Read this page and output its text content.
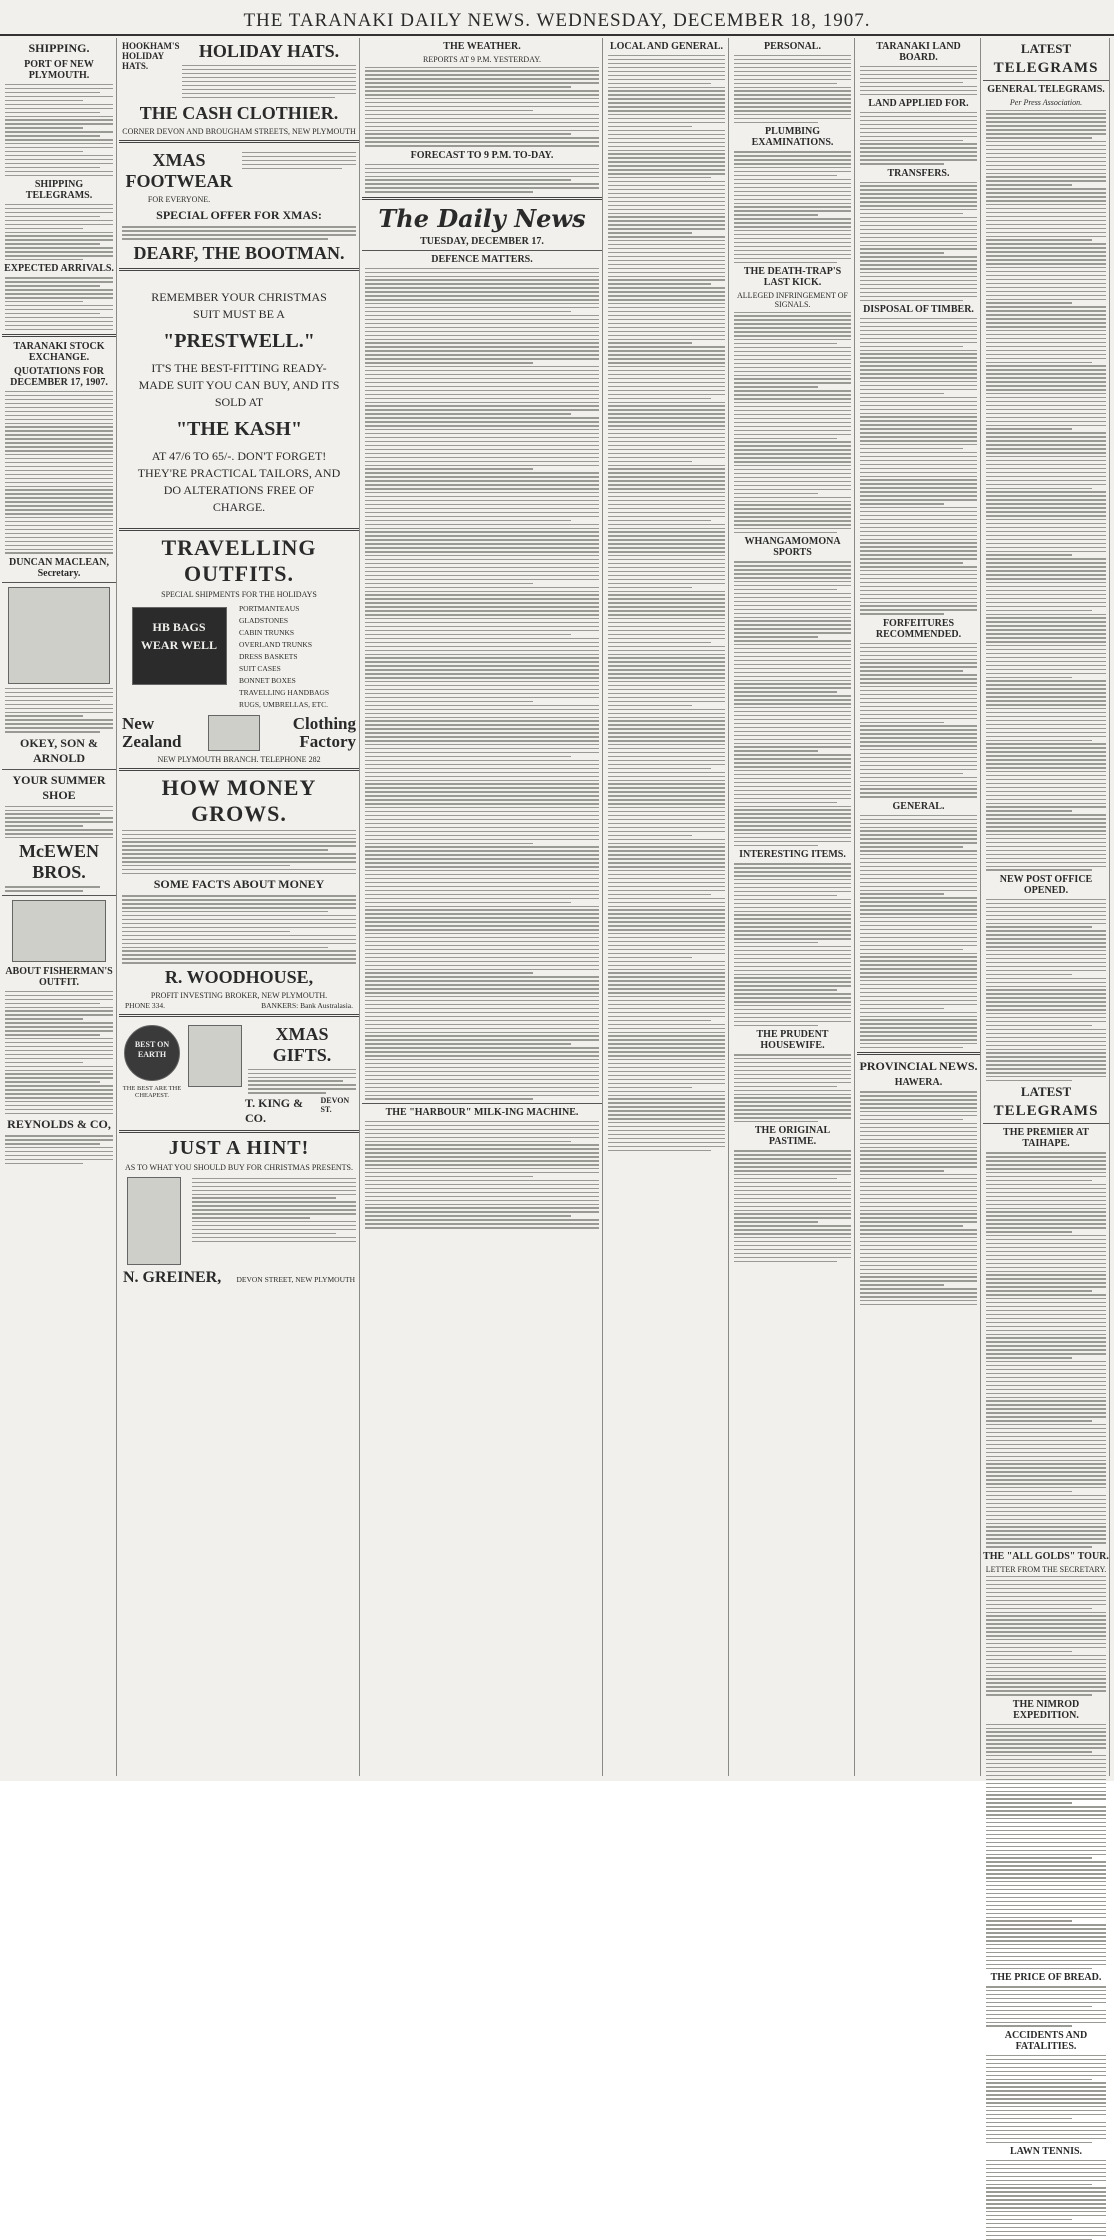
THE TARANAKI DAILY NEWS. WEDNESDAY, DECEMBER 18, 1907.
SHIPPING.
PORT OF NEW PLYMOUTH.
SHIPPING TELEGRAMS.
EXPECTED ARRIVALS.
TARANAKI STOCK EXCHANGE.
QUOTATIONS FOR DECEMBER 17, 1907.
DUNCAN MACLEAN, Secretary.
OKEY, SON & ARNOLD
YOUR SUMMER SHOE
McEWEN BROS.
ABOUT FISHERMAN'S OUTFIT.
REYNOLDS & CO,
HOOKHAM'S HOLIDAY HATS.
HOLIDAY HATS.
THE CASH CLOTHIER.
CORNER DEVON AND BROUGHAM STREETS, NEW PLYMOUTH
XMAS FOOTWEAR
FOR EVERYONE.
SPECIAL OFFER FOR XMAS:
DEARF, THE BOOTMAN.
REMEMBER YOUR CHRISTMAS SUIT MUST BE A
"PRESTWELL."
IT'S THE BEST-FITTING READY-MADE SUIT YOU CAN BUY, AND ITS SOLD AT
"THE KASH"
AT 47/6 TO 65/-. DON'T FORGET! THEY'RE PRACTICAL TAILORS, AND DO ALTERATIONS FREE OF CHARGE.
TRAVELLING OUTFITS.
SPECIAL SHIPMENTS FOR THE HOLIDAYS
HB BAGS WEAR WELL
PORTMANTEAUS
GLADSTONES
CABIN TRUNKS
OVERLAND TRUNKS
DRESS BASKETS
SUIT CASES
BONNET BOXES
TRAVELLING HANDBAGS
RUGS, UMBRELLAS, ETC.
New Zealand
Clothing Factory
NEW PLYMOUTH BRANCH. TELEPHONE 282
HOW MONEY GROWS.
SOME FACTS ABOUT MONEY
R. WOODHOUSE,
PROFIT INVESTING BROKER, NEW PLYMOUTH.
PHONE 334.	BANKERS: Bank Australasia.
BEST ON EARTH
THE BEST ARE THE CHEAPEST.
XMAS GIFTS.
T. KING & CO.
DEVON ST.
JUST A HINT!
AS TO WHAT YOU SHOULD BUY FOR CHRISTMAS PRESENTS.
N. GREINER, DEVON STREET, NEW PLYMOUTH
THE WEATHER.
REPORTS AT 9 P.M. YESTERDAY.
FORECAST TO 9 P.M. TO-DAY.
The Daily News
TUESDAY, DECEMBER 17.
DEFENCE MATTERS.
THE "HARBOUR" MILK-ING MACHINE.
LOCAL AND GENERAL.	PERSONAL.
PLUMBING EXAMINATIONS.
THE DEATH-TRAP'S LAST KICK.
ALLEGED INFRINGEMENT OF SIGNALS.
WHANGAMOMONA SPORTS
INTERESTING ITEMS.
THE PRUDENT HOUSEWIFE.
THE ORIGINAL PASTIME.
LATEST
TELEGRAMS
GENERAL TELEGRAMS.
Per Press Association.
NEW POST OFFICE OPENED.
LATEST
TELEGRAMS
THE PREMIER AT TAIHAPE.
THE "ALL GOLDS" TOUR.
LETTER FROM THE SECRETARY.
THE NIMROD EXPEDITION.
THE PRICE OF BREAD.
ACCIDENTS AND FATALITIES.
LAWN TENNIS.
TARANAKI LAND BOARD.
LAND APPLIED FOR.
TRANSFERS.
DISPOSAL OF TIMBER.
FORFEITURES RECOMMENDED.
GENERAL.
PROVINCIAL NEWS.
HAWERA.
